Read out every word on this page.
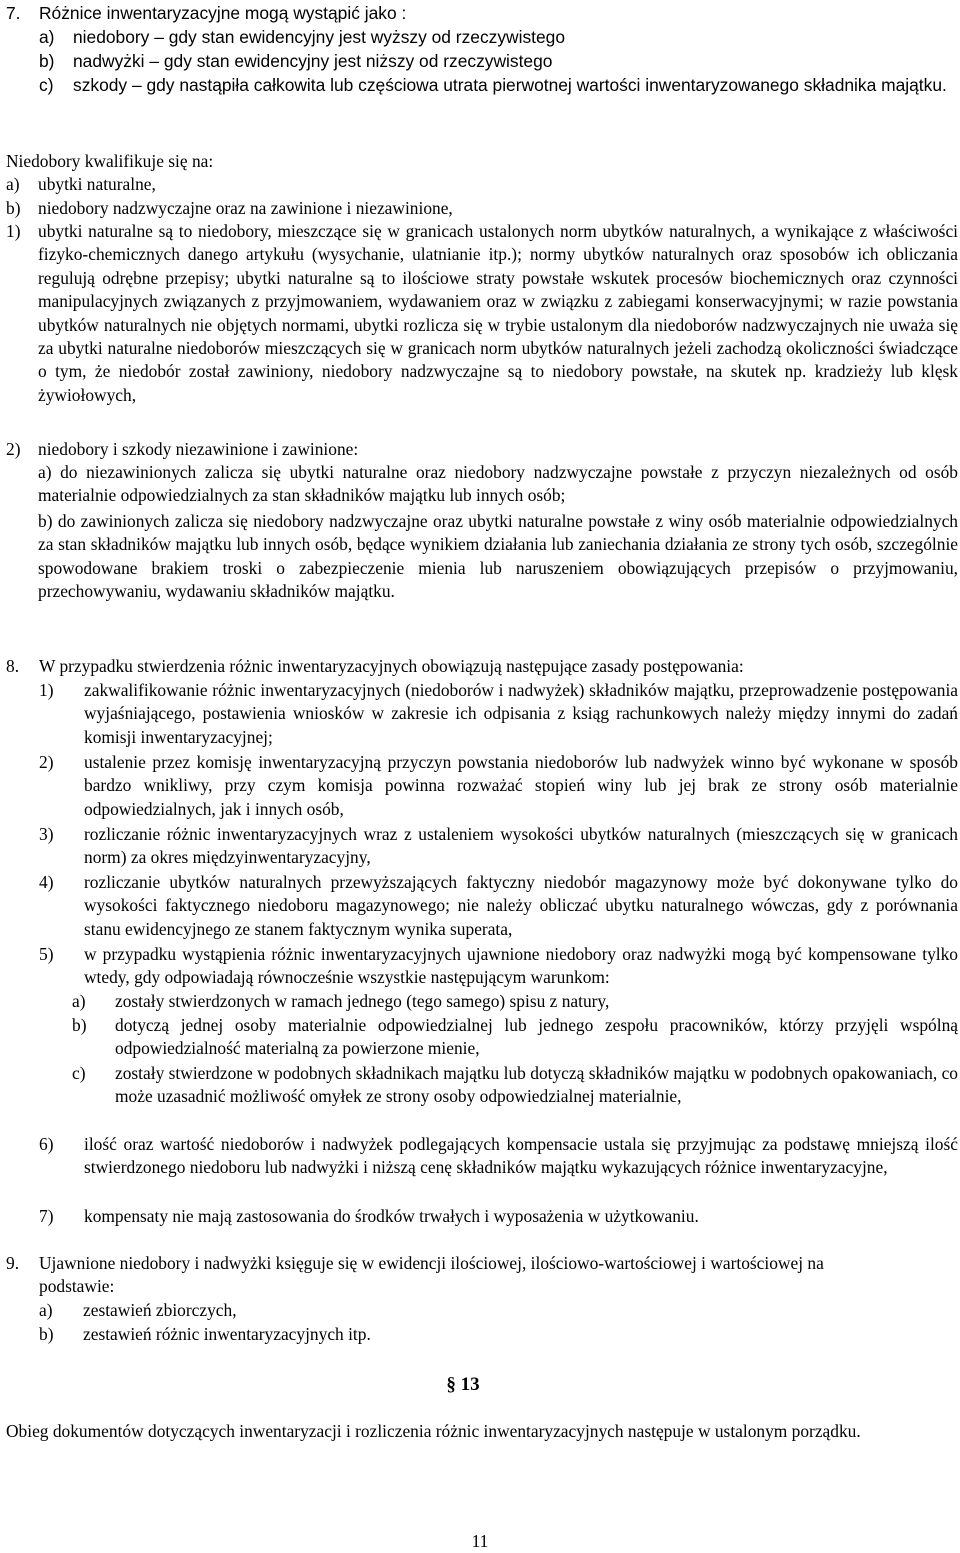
7.	Różnice inwentaryzacyjne mogą wystąpić jako :
a)	niedobory – gdy stan ewidencyjny jest wyższy od rzeczywistego
b)	nadwyżki – gdy stan ewidencyjny jest niższy od rzeczywistego
c)	szkody – gdy nastąpiła całkowita lub częściowa utrata pierwotnej wartości inwentaryzowanego składnika majątku.
Niedobory kwalifikuje się na:
a)	ubytki naturalne,
b)	niedobory nadzwyczajne oraz na zawinione i niezawinione,
1) ubytki naturalne są to niedobory, mieszczące się w granicach ustalonych norm ubytków naturalnych, a wynikające z właściwości fizyko-chemicznych danego artykułu (wysychanie, ulatnianie itp.); normy ubytków naturalnych oraz sposobów ich obliczania regulują odrębne przepisy; ubytki naturalne są to ilościowe straty powstałe wskutek procesów biochemicznych oraz czynności manipulacyjnych związanych z przyjmowaniem, wydawaniem oraz w związku z zabiegami konserwacyjnymi; w razie powstania ubytków naturalnych nie objętych normami, ubytki rozlicza się w trybie ustalonym dla niedoborów nadzwyczajnych nie uważa się za ubytki naturalne niedoborów mieszczących się w granicach norm ubytków naturalnych jeżeli zachodzą okoliczności świadczące o tym, że niedobór został zawiniony, niedobory nadzwyczajne są to niedobory powstałe, na skutek np. kradzieży lub klęsk żywiołowych,
2)	niedobory i szkody niezawinione i zawinione:
a) do niezawinionych zalicza się ubytki naturalne oraz niedobory nadzwyczajne powstałe z przyczyn niezależnych od osób materialnie odpowiedzialnych za stan składników majątku lub innych osób;
b) do zawinionych zalicza się niedobory nadzwyczajne oraz ubytki naturalne powstałe z winy osób materialnie odpowiedzialnych za stan składników majątku lub innych osób, będące wynikiem działania lub zaniechania działania ze strony tych osób, szczególnie spowodowane brakiem troski o zabezpieczenie mienia lub naruszeniem obowiązujących przepisów o przyjmowaniu, przechowywaniu, wydawaniu składników majątku.
8.	W przypadku stwierdzenia różnic inwentaryzacyjnych obowiązują następujące zasady postępowania:
1)	zakwalifikowanie różnic inwentaryzacyjnych (niedoborów i nadwyżek) składników majątku, przeprowadzenie postępowania wyjaśniającego, postawienia wniosków w zakresie ich odpisania z ksiąg rachunkowych należy między innymi do zadań komisji inwentaryzacyjnej;
2)	ustalenie przez komisję inwentaryzacyjną przyczyn powstania niedoborów lub nadwyżek winno być wykonane w sposób bardzo wnikliwy, przy czym komisja powinna rozważać stopień winy lub jej brak ze strony osób materialnie odpowiedzialnych, jak i innych osób,
3)	rozliczanie różnic inwentaryzacyjnych wraz z ustaleniem wysokości ubytków naturalnych (mieszczących się w granicach norm) za okres międzyinwentaryzacyjny,
4)	rozliczanie ubytków naturalnych przewyższających faktyczny niedobór magazynowy może być dokonywane tylko do wysokości faktycznego niedoboru magazynowego; nie należy obliczać ubytku naturalnego wówczas, gdy z porównania stanu ewidencyjnego ze stanem faktycznym wynika superata,
5)	w przypadku wystąpienia różnic inwentaryzacyjnych ujawnione niedobory oraz nadwyżki mogą być kompensowane tylko wtedy, gdy odpowiadają równocześnie wszystkie następującym warunkom:
a)	zostały stwierdzonych w ramach jednego (tego samego) spisu z natury,
b)	dotyczą jednej osoby materialnie odpowiedzialnej lub jednego zespołu pracowników, którzy przyjęli wspólną odpowiedzialność materialną za powierzone mienie,
c)	zostały stwierdzone w podobnych składnikach majątku lub dotyczą składników majątku w podobnych opakowaniach, co może uzasadnić możliwość omyłek ze strony osoby odpowiedzialnej materialnie,
6)	ilość oraz wartość niedoborów i nadwyżek podlegających kompensacie ustala się przyjmując za podstawę mniejszą ilość stwierdzonego niedoboru lub nadwyżki i niższą cenę składników majątku wykazujących różnice inwentaryzacyjne,
7)	kompensaty nie mają zastosowania do środków trwałych i wyposażenia w użytkowaniu.
9.	Ujawnione niedobory i nadwyżki księguje się w ewidencji ilościowej, ilościowo-wartościowej i wartościowej na podstawie:
a)	zestawień zbiorczych,
b)	zestawień różnic inwentaryzacyjnych itp.
§ 13
Obieg dokumentów dotyczących inwentaryzacji i rozliczenia różnic inwentaryzacyjnych następuje w ustalonym porządku.
11
